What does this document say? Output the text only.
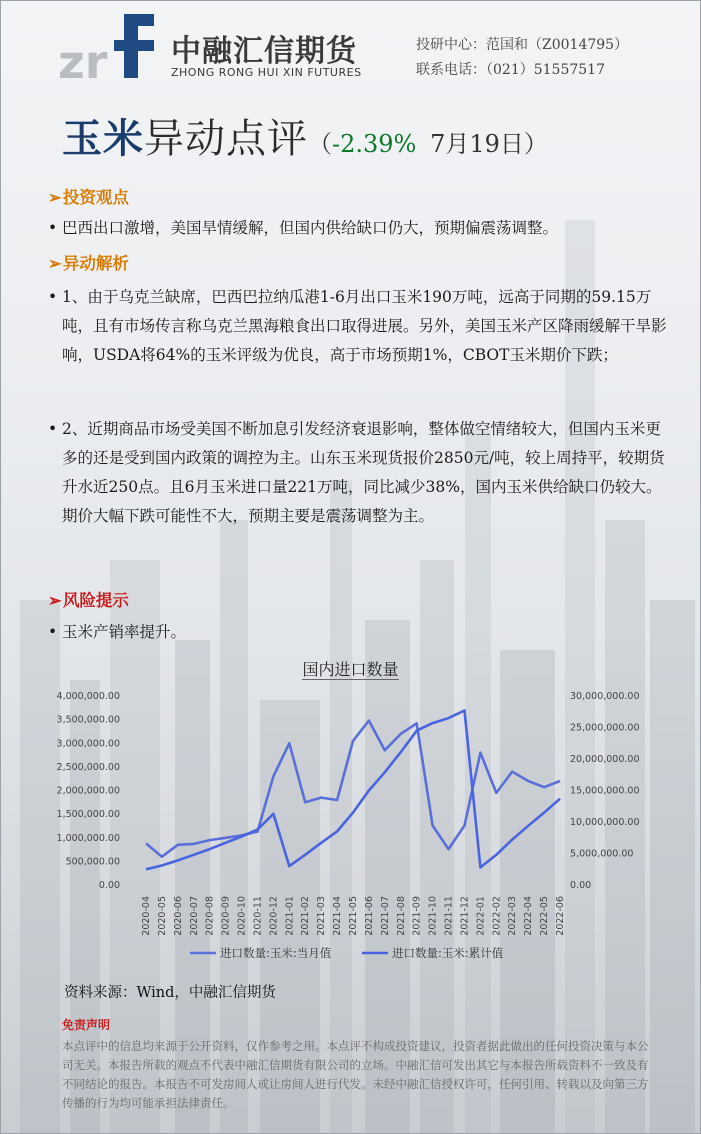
zr 中融汇信期货
ZHONG RONG HUI XIN FUTURES
投研中心：范国和（Z0014795）
联系电话：（021）51557517
玉米异动点评（-2.39% 7月19日）
➢投资观点
• 巴西出口激增，美国旱情缓解，但国内供给缺口仍大，预期偏震荡调整。
➢异动解析
• 1、由于乌克兰缺席，巴西巴拉纳瓜港1-6月出口玉米190万吨，远高于同期的59.15万吨，且有市场传言称乌克兰黑海粮食出口取得进展。另外，美国玉米产区降雨缓解干旱影响，USDA将64%的玉米评级为优良，高于市场预期1%，CBOT玉米期价下跌；
• 2、近期商品市场受美国不断加息引发经济衰退影响，整体做空情绪较大，但国内玉米更多的还是受到国内政策的调控为主。山东玉米现货报价2850元/吨，较上周持平，较期货升水近250点。且6月玉米进口量221万吨，同比减少38%，国内玉米供给缺口仍较大。期价大幅下跌可能性不大，预期主要是震荡调整为主。
➢风险提示
• 玉米产销率提升。
国内进口数量
0.00
500,000.00
1,000,000.00
1,500,000.00
2,000,000.00
2,500,000.00
3,000,000.00
3,500,000.00
4,000,000.00
0.00
5,000,000.00
10,000,000.00
15,000,000.00
20,000,000.00
25,000,000.00
30,000,000.00
2020-04 2020-05 2020-06 2020-07 2020-08 2020-09 2020-10 2020-11 2020-12 2021-01 2021-02 2021-03 2021-04 2021-05 2021-06 2021-07 2021-08 2021-09 2021-10 2021-11 2021-12 2022-01 2022-02 2022-03 2022-04 2022-05 2022-06
进口数量:玉米:当月值	进口数量:玉米:累计值
资料来源：Wind，中融汇信期货
免责声明
本点评中的信息均来源于公开资料，仅作参考之用。本点评不构成投资建议，投资者据此做出的任何投资决策与本公司无关。本报告所载的观点不代表中融汇信期货有限公司的立场。中融汇信可发出其它与本报告所载资料不一致及有不同结论的报告。本报告不可发房间人或让房间人进行代发。未经中融汇信授权许可，任何引用、转载以及向第三方传播的行为均可能承担法律责任。
